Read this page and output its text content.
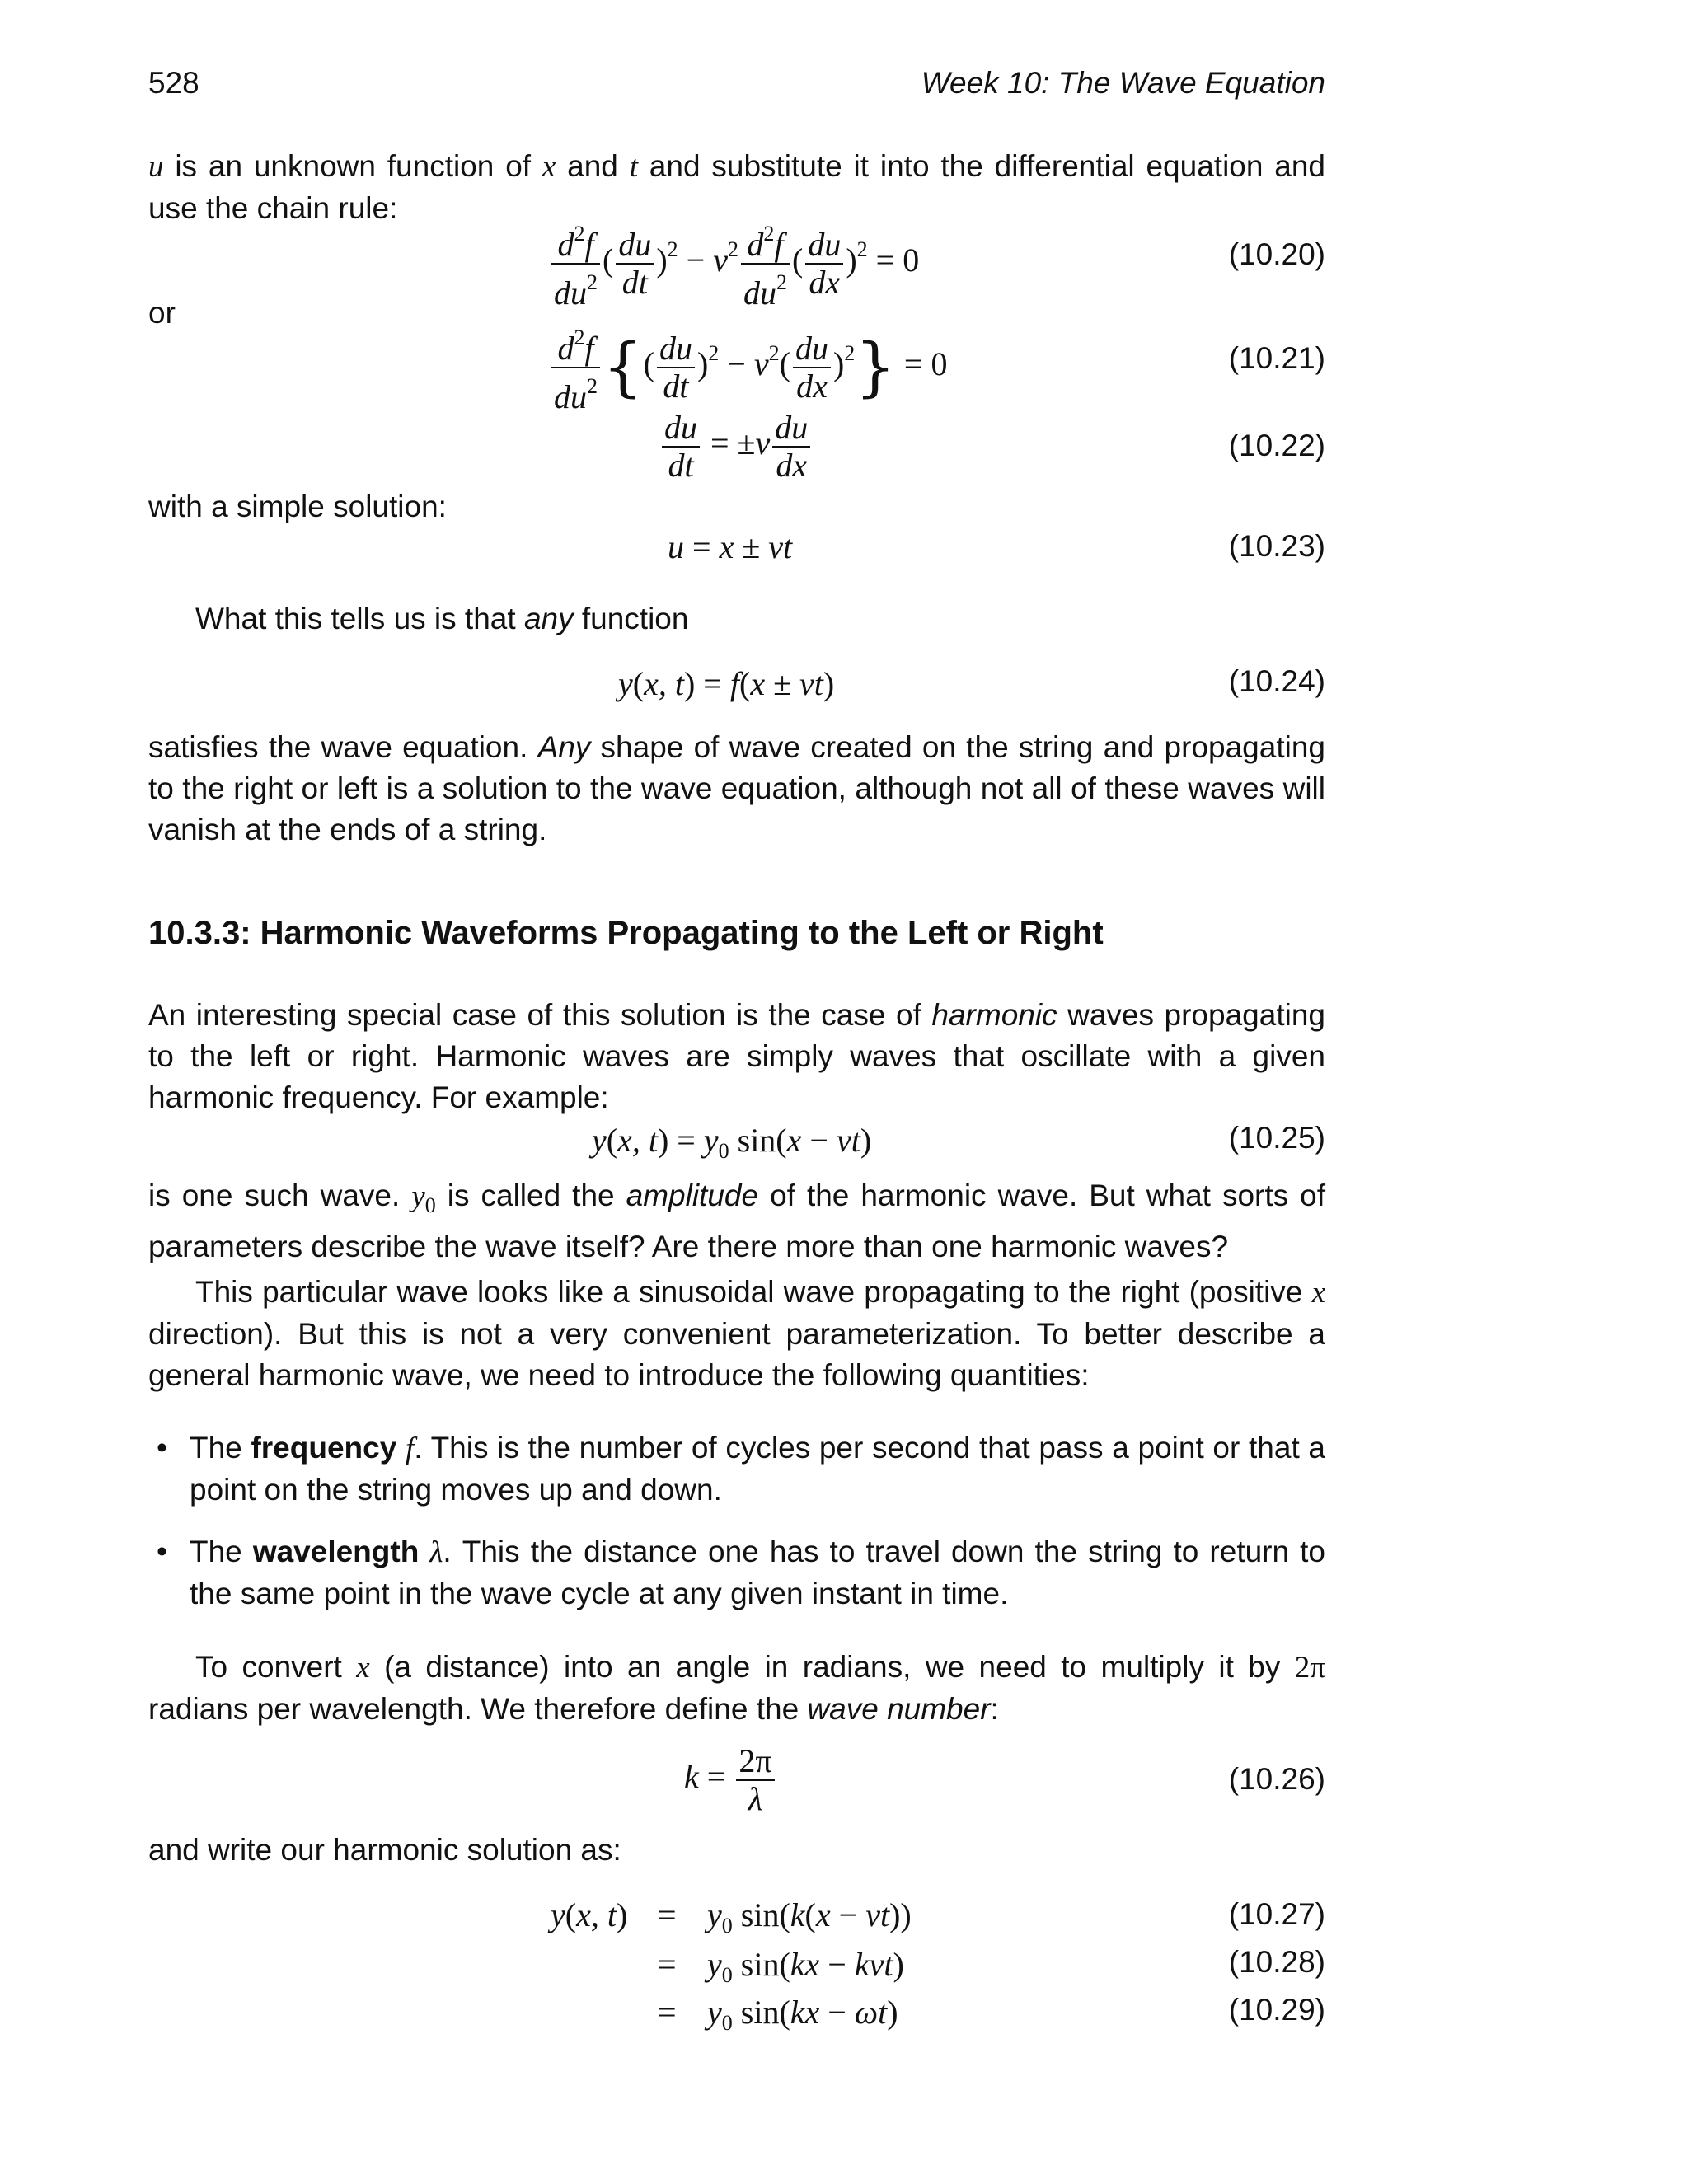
528	Week 10: The Wave Equation
u is an unknown function of x and t and substitute it into the differential equation and use the chain rule:
$\frac{d^2f}{du^2}$ ( $\frac{du}{dt} )^2 - v^2 \frac{d^2f}{du^2}$ ( $\frac{du}{dx} )^2 = 0$	(10.20)
or
$\frac{d^2f}{du^2}$ {( $\frac{du}{dt} )^2 - v^2( \frac{du}{dx} )^2\} = 0$	(10.21)
$\frac{du}{dt} = \pm v \frac{du}{dx}$	(10.22)
with a simple solution:
u = x ± vt	(10.23)
What this tells us is that any function
y(x, t) = f(x ± vt)	(10.24)
satisfies the wave equation. Any shape of wave created on the string and propagating to the right or left is a solution to the wave equation, although not all of these waves will vanish at the ends of a string.
10.3.3: Harmonic Waveforms Propagating to the Left or Right
An interesting special case of this solution is the case of harmonic waves propagating to the left or right. Harmonic waves are simply waves that oscillate with a given harmonic frequency. For example:
y(x, $t) = y_0$ sin(x − vt)	(10.25)
is one such wave. $y_0$ is called the amplitude of the harmonic wave. But what sorts of parameters describe the wave itself? Are there more than one harmonic waves?
This particular wave looks like a sinusoidal wave propagating to the right (positive x direction). But this is not a very convenient parameterization. To better describe a general harmonic wave, we need to introduce the following quantities:
• The frequency f. This is the number of cycles per second that pass a point or that a point on the string moves up and down.
• The wavelength λ. This the distance one has to travel down the string to return to the same point in the wave cycle at any given instant in time.
To convert x (a distance) into an angle in radians, we need to multiply it by 2π radians per wavelength. We therefore define the wave number:
$k = \frac{2\pi}{\lambda}$	(10.26)
and write our harmonic solution as:
y(x, $t) = y_0$ sin(k(x − vt))	(10.27)
= $y_0$ sin(kx − kvt)	(10.28)
= $y_0$ sin(kx − ωt)	(10.29)
